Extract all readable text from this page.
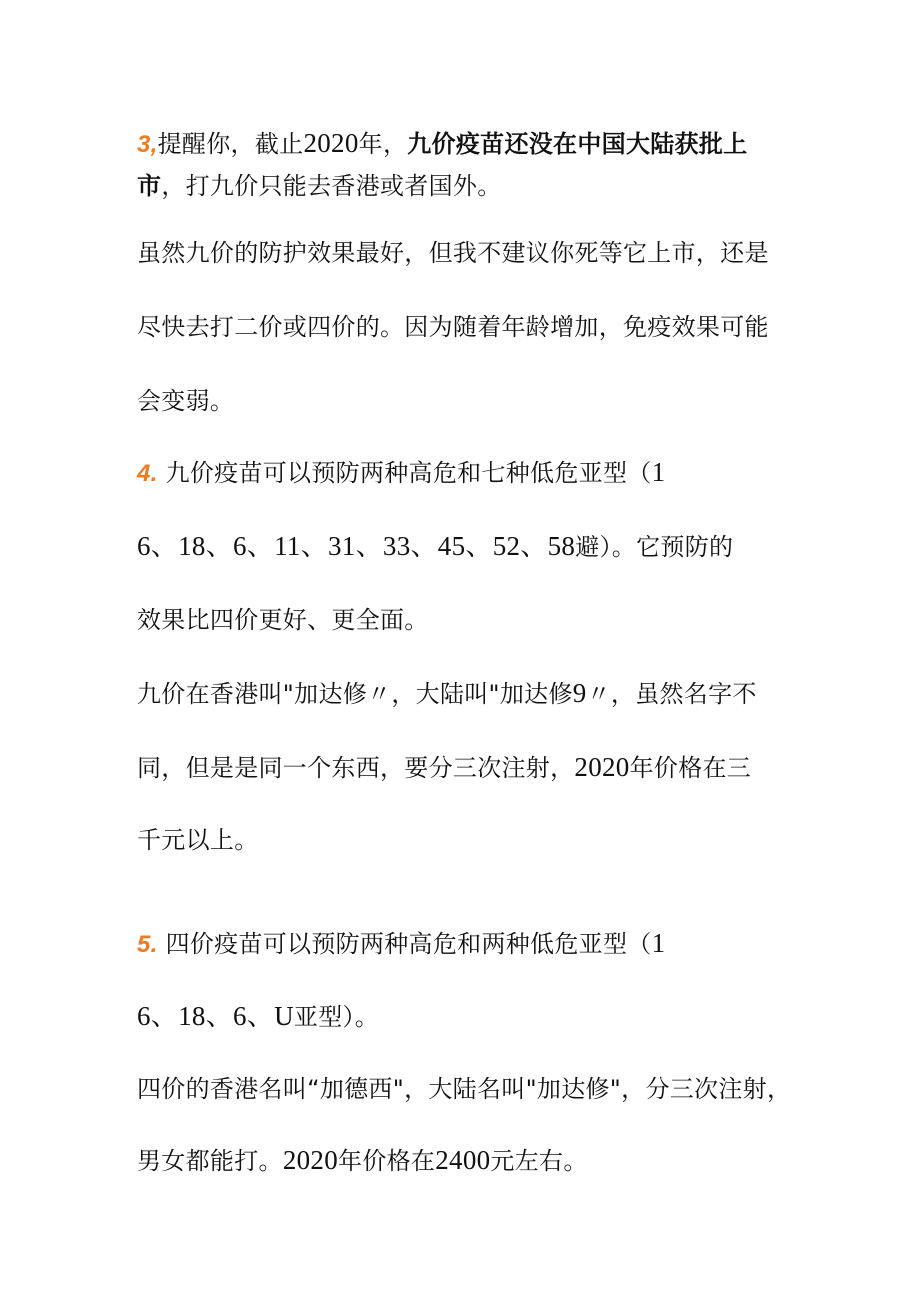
3,提醒你，截止2020年，九价疫苗还没在中国大陆获批上
市，打九价只能去香港或者国外。
虽然九价的防护效果最好，但我不建议你死等它上市，还是
尽快去打二价或四价的。因为随着年龄增加，免疫效果可能
会变弱。
4. 九价疫苗可以预防两种高危和七种低危亚型（1
6、18、6、11、31、33、45、52、58避）。它预防的
效果比四价更好、更全面。
九价在香港叫"加达修〃，大陆叫"加达修9〃，虽然名字不
同，但是是同一个东西，要分三次注射，2020年价格在三
千元以上。
5. 四价疫苗可以预防两种高危和两种低危亚型（1
6、18、6、U亚型）。
四价的香港名叫“加德西"，大陆名叫"加达修"，分三次注射，
男女都能打。2020年价格在2400元左右。
